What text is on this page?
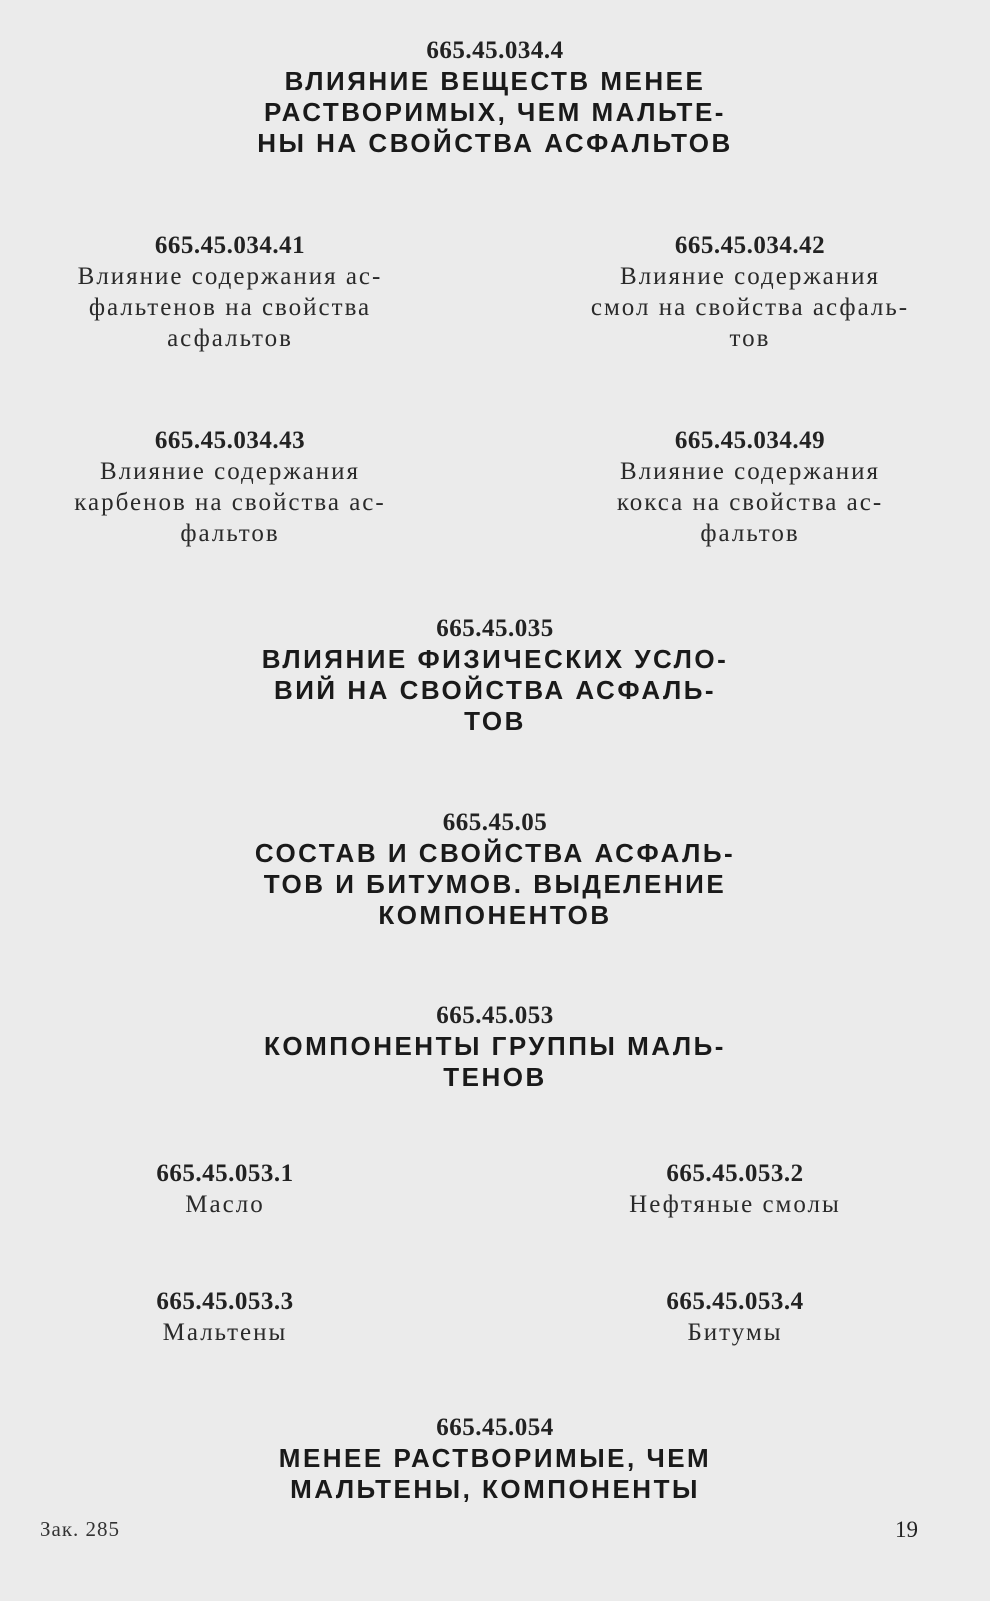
665.45.034.4
ВЛИЯНИЕ ВЕЩЕСТВ МЕНЕЕ
РАСТВОРИМЫХ, ЧЕМ МАЛЬТЕ-
НЫ НА СВОЙСТВА АСФАЛЬТОВ
665.45.034.41
Влияние содержания ас-
фальтенов на свойства
асфальтов
665.45.034.42
Влияние содержания
смол на свойства асфаль-
тов
665.45.034.43
Влияние содержания
карбенов на свойства ас-
фальтов
665.45.034.49
Влияние содержания
кокса на свойства ас-
фальтов
665.45.035
ВЛИЯНИЕ ФИЗИЧЕСКИХ УСЛО-
ВИЙ НА СВОЙСТВА АСФАЛЬ-
ТОВ
665.45.05
СОСТАВ И СВОЙСТВА АСФАЛЬ-
ТОВ И БИТУМОВ. ВЫДЕЛЕНИЕ
КОМПОНЕНТОВ
665.45.053
КОМПОНЕНТЫ ГРУППЫ МАЛЬ-
ТЕНОВ
665.45.053.1
Масло
665.45.053.2
Нефтяные смолы
665.45.053.3
Мальтены
665.45.053.4
Битумы
665.45.054
МЕНЕЕ РАСТВОРИМЫЕ, ЧЕМ
МАЛЬТЕНЫ, КОМПОНЕНТЫ
Зак. 285	19
